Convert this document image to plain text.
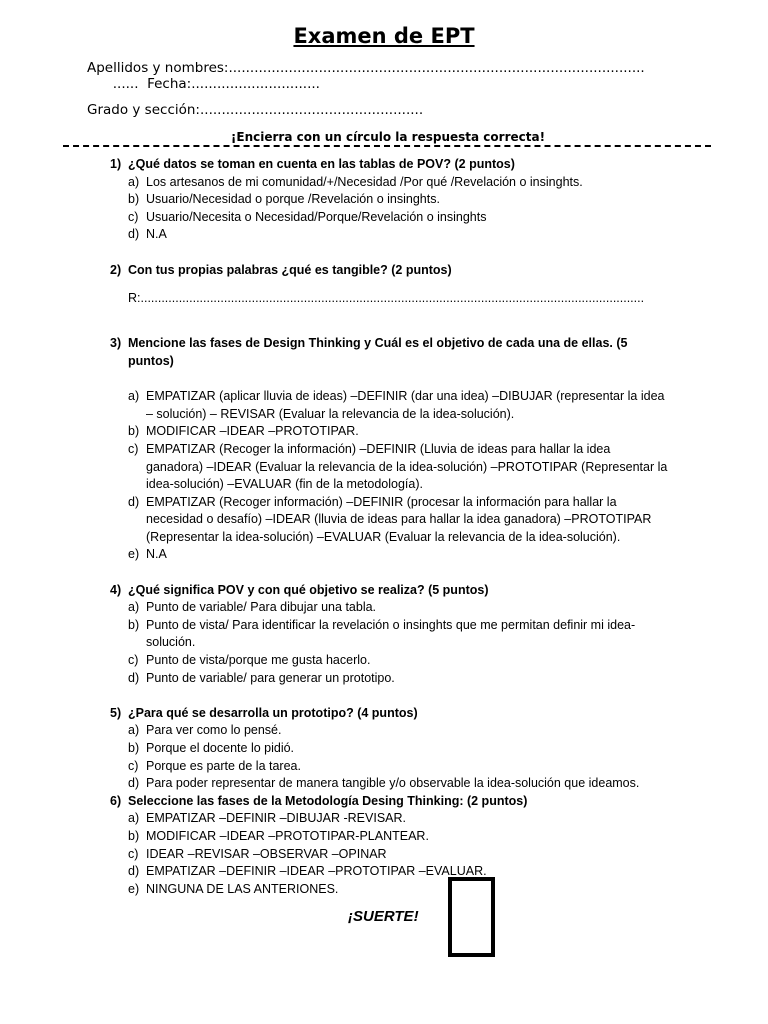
Examen de EPT
Apellidos y nombres:.................................................................................................
......  Fecha:..............................
Grado y sección:....................................................
¡Encierra con un círculo la respuesta correcta!
1) ¿Qué datos se toman en cuenta en las tablas de POV? (2 puntos)
a) Los artesanos de mi comunidad/+/Necesidad /Por qué /Revelación o insinghts.
b) Usuario/Necesidad o porque /Revelación o insinghts.
c) Usuario/Necesita o Necesidad/Porque/Revelación o insinghts
d) N.A
2) Con tus propias palabras ¿qué es tangible? (2 puntos)
R:.................................................................................................................................................
3) Mencione las fases de Design Thinking y Cuál es el objetivo de cada una de ellas. (5 puntos)
a) EMPATIZAR (aplicar lluvia de ideas) –DEFINIR (dar una idea) –DIBUJAR (representar la idea – solución) – REVISAR (Evaluar la relevancia de la idea-solución).
b) MODIFICAR –IDEAR –PROTOTIPAR.
c) EMPATIZAR (Recoger la información) –DEFINIR (Lluvia de ideas para hallar la idea ganadora) –IDEAR (Evaluar la relevancia de la idea-solución) –PROTOTIPAR (Representar la idea-solución) –EVALUAR (fin de la metodología).
d) EMPATIZAR (Recoger información) –DEFINIR (procesar la información para hallar la necesidad o desafío) –IDEAR (lluvia de ideas para hallar la idea ganadora) –PROTOTIPAR (Representar la idea-solución) –EVALUAR (Evaluar la relevancia de la idea-solución).
e) N.A
4) ¿Qué significa POV y con qué objetivo se realiza? (5 puntos)
a) Punto de variable/ Para dibujar una tabla.
b) Punto de vista/ Para identificar la revelación o insinghts que me permitan definir mi idea-solución.
c) Punto de vista/porque me gusta hacerlo.
d) Punto de variable/ para generar un prototipo.
5) ¿Para qué se desarrolla un prototipo? (4 puntos)
a) Para ver como lo pensé.
b) Porque el docente lo pidió.
c) Porque es parte de la tarea.
d) Para poder representar de manera tangible y/o observable la idea-solución que ideamos.
6) Seleccione las fases de la Metodología Desing Thinking: (2 puntos)
a) EMPATIZAR –DEFINIR –DIBUJAR -REVISAR.
b) MODIFICAR –IDEAR –PROTOTIPAR-PLANTEAR.
c) IDEAR –REVISAR –OBSERVAR –OPINAR
d) EMPATIZAR –DEFINIR –IDEAR –PROTOTIPAR –EVALUAR.
e) NINGUNA DE LAS ANTERIONES.
¡SUERTE!
